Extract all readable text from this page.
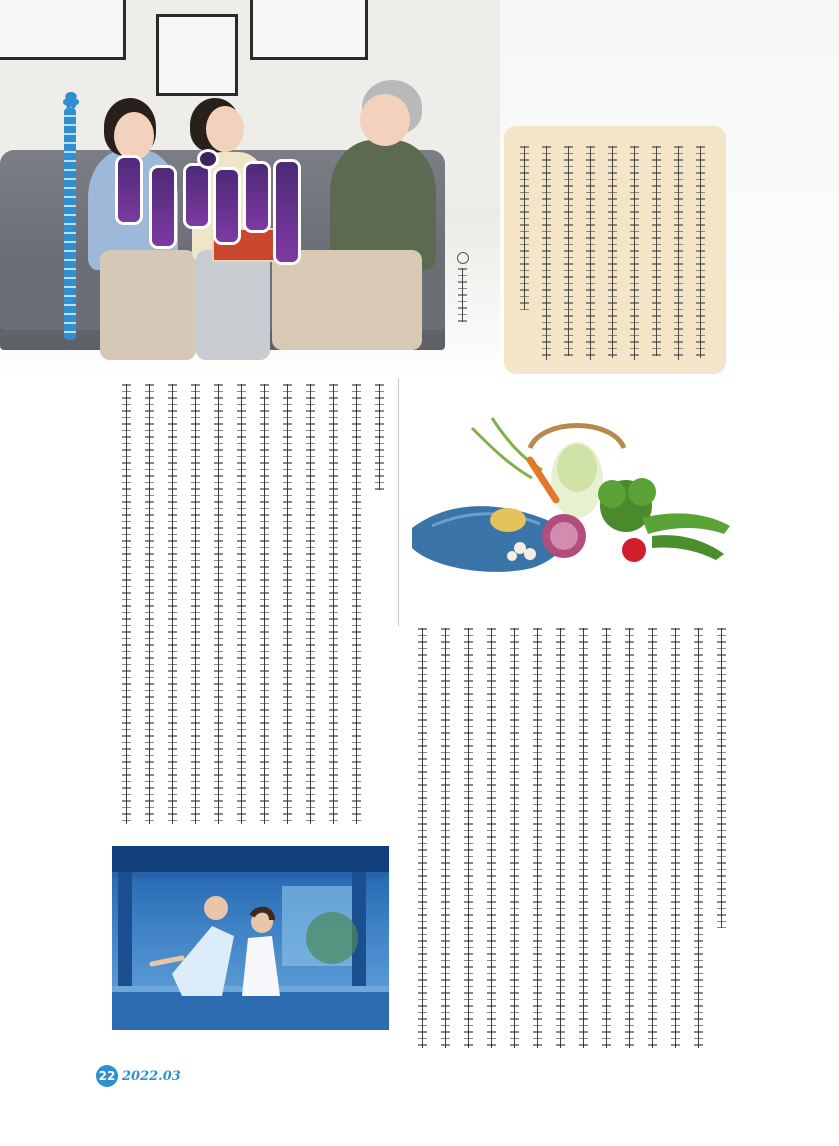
22 2022.03
